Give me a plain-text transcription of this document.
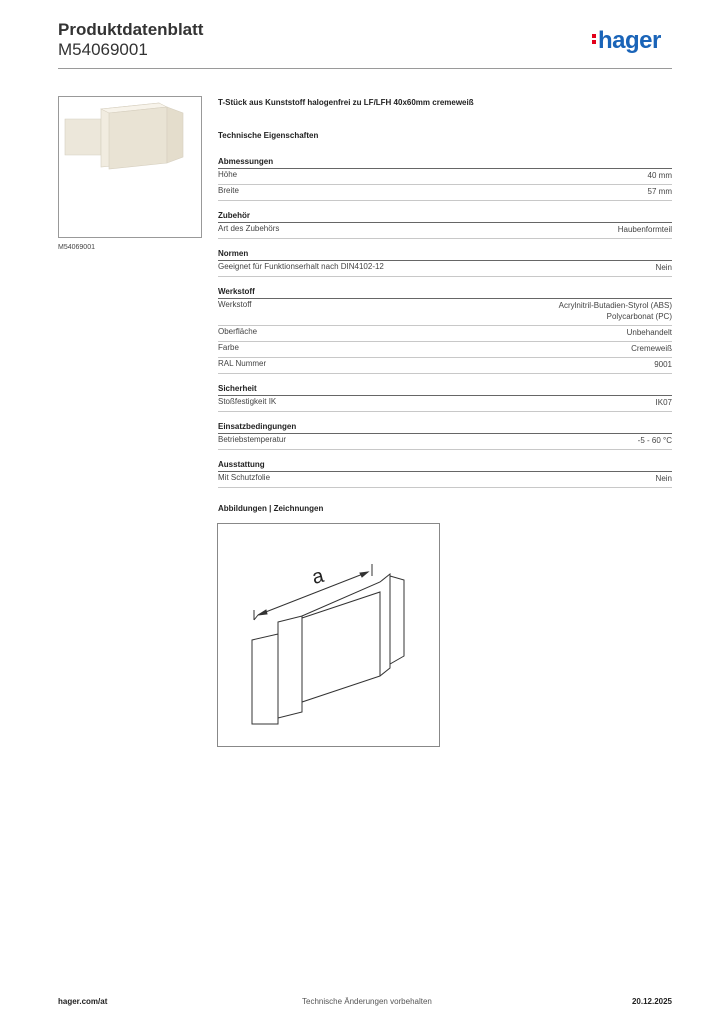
Produktdatenblatt
M54069001	hager
M54069001
T-Stück aus Kunststoff halogenfrei zu LF/LFH 40x60mm cremeweiß
Technische Eigenschaften
Abmessungen
Höhe	40 mm
Breite	57 mm
Zubehör
Art des Zubehörs	Haubenformteil
Normen
Geeignet für Funktionserhalt nach DIN4102-12	Nein
Werkstoff
Werkstoff	Acrylnitril-Butadien-Styrol (ABS)
Polycarbonat (PC)
Oberfläche	Unbehandelt
Farbe	Cremeweiß
RAL Nummer	9001
Sicherheit
Stoßfestigkeit IK	IK07
Einsatzbedingungen
Betriebstemperatur	-5 - 60 °C
Ausstattung
Mit Schutzfolie	Nein
Abbildungen | Zeichnungen
a
hager.com/at	Technische Änderungen vorbehalten	20.12.2025
